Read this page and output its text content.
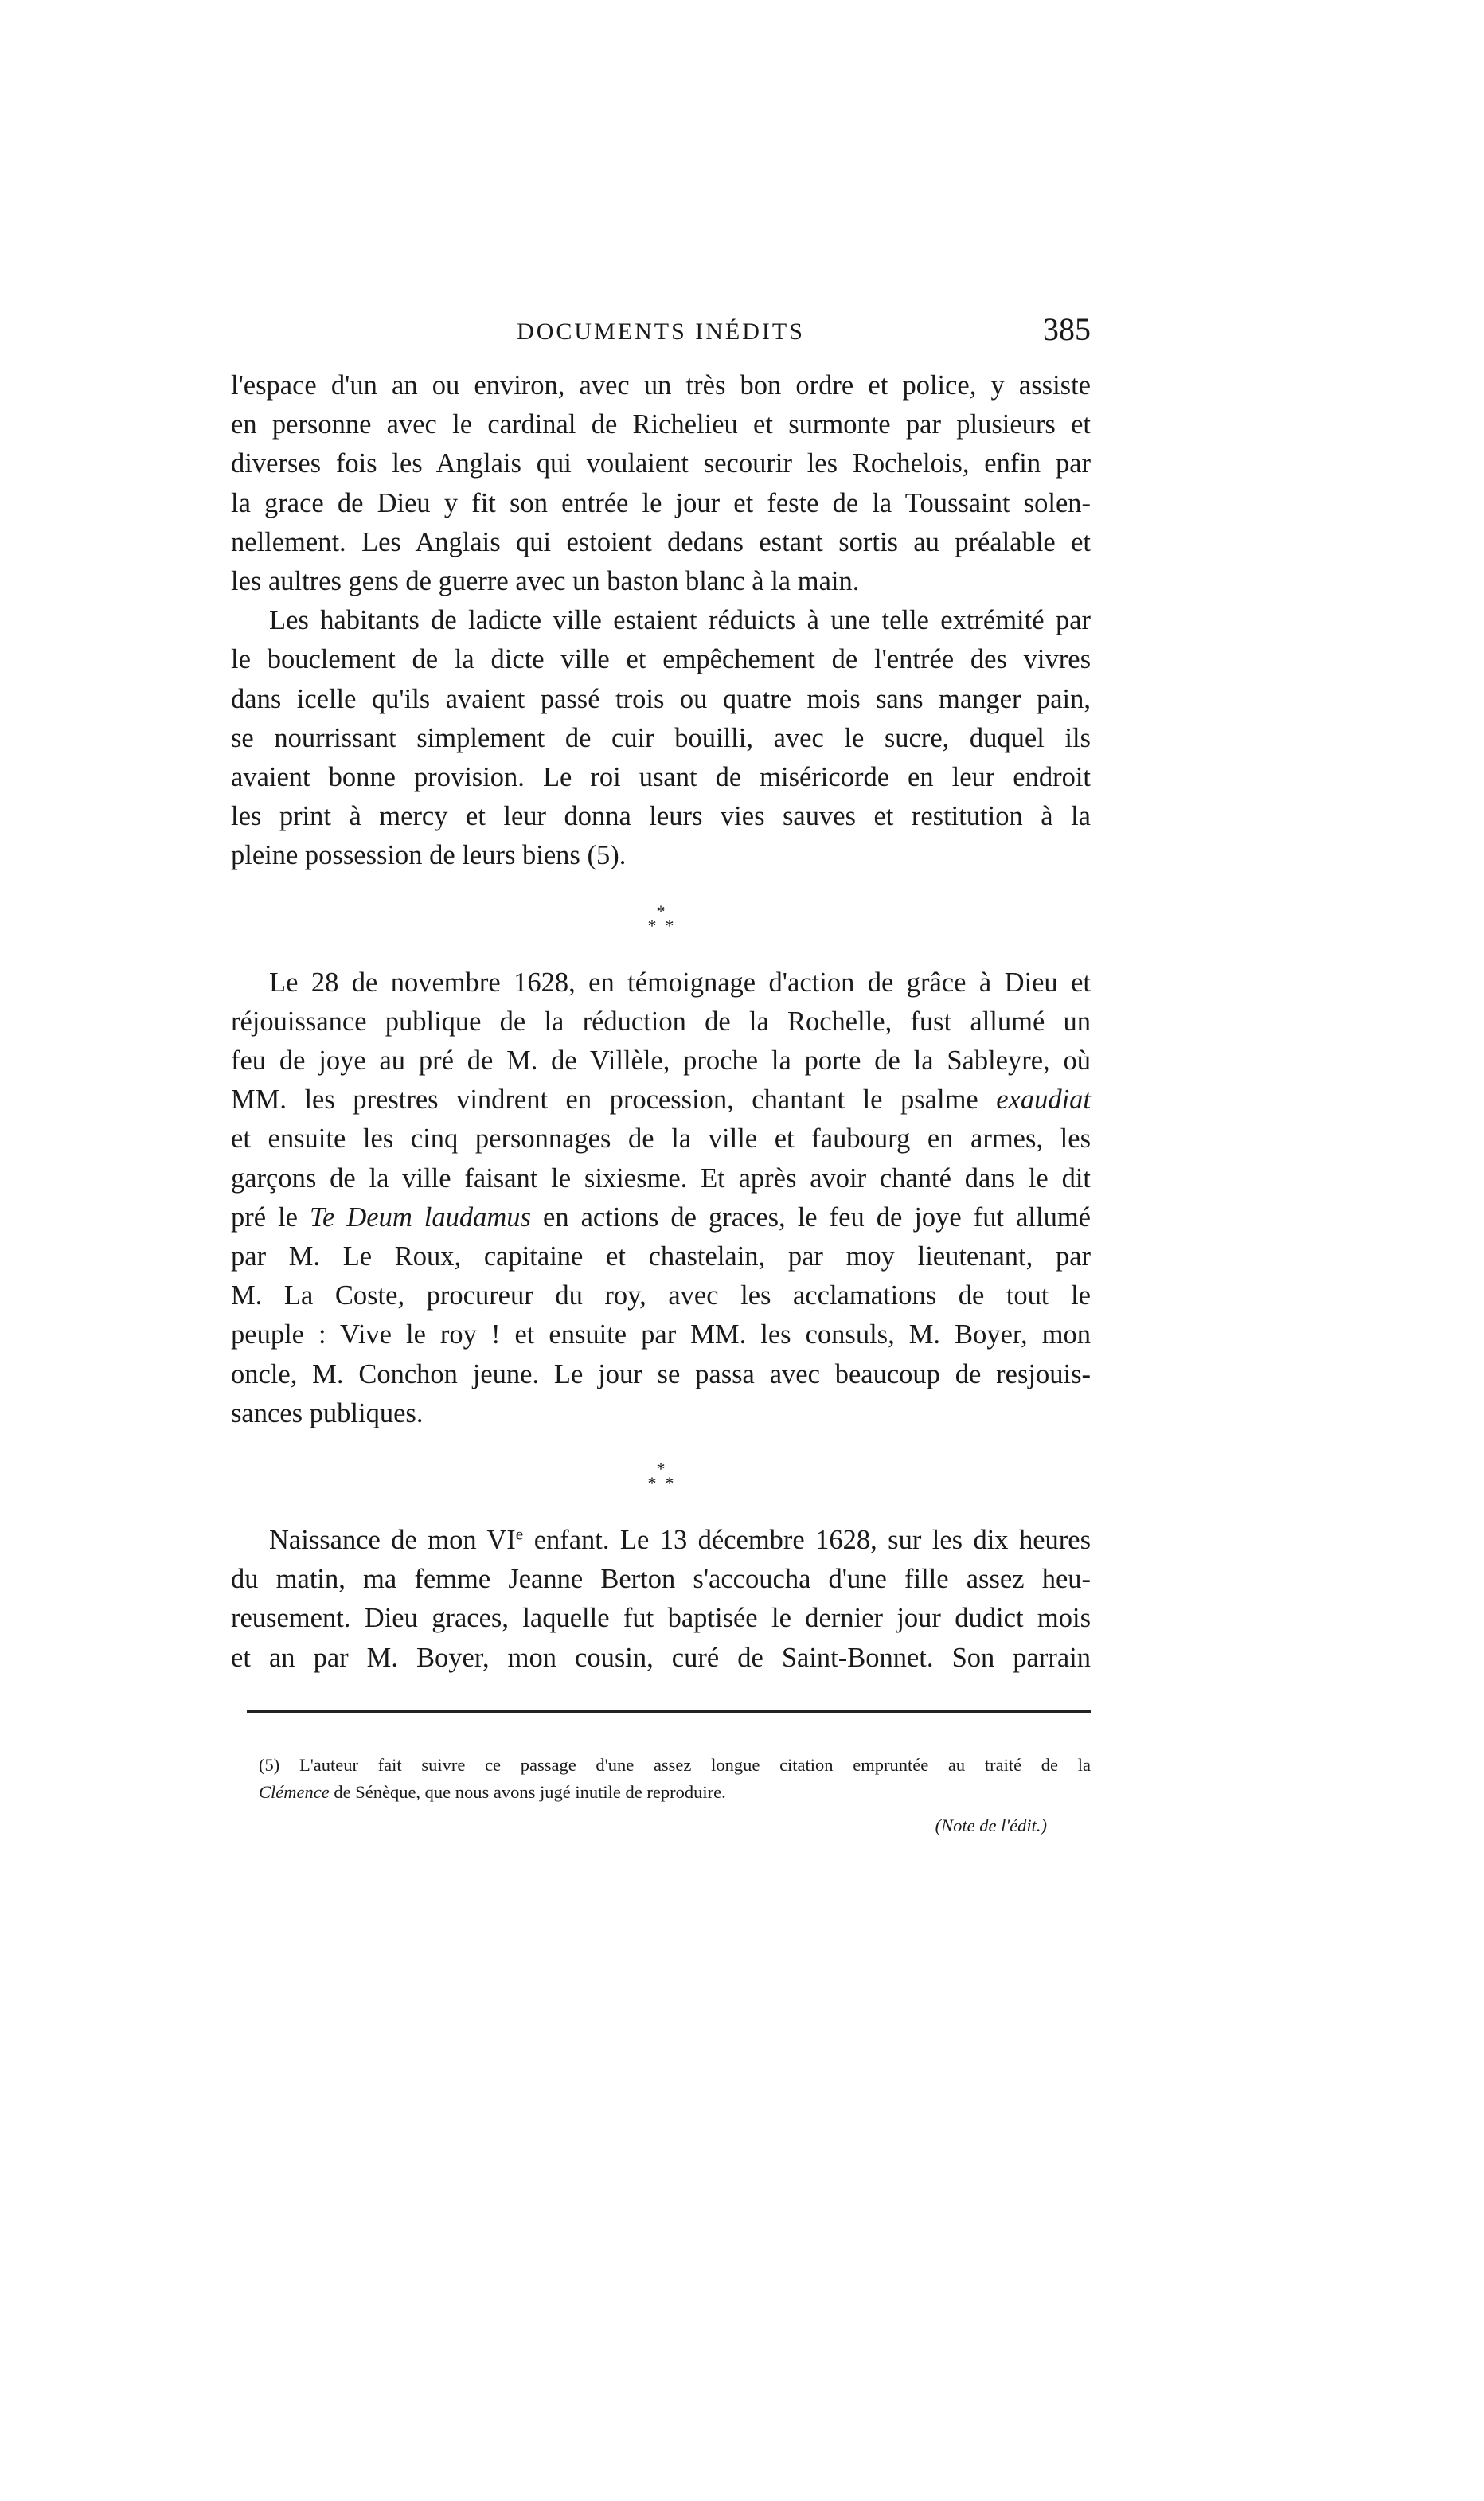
DOCUMENTS INÉDITS	385

l'espace d'un an ou environ, avec un très bon ordre et police, y assiste
en personne avec le cardinal de Richelieu et surmonte par plusieurs et
diverses fois les Anglais qui voulaient secourir les Rochelois, enfin par
la grace de Dieu y fit son entrée le jour et feste de la Toussaint solen-
nellement. Les Anglais qui estoient dedans estant sortis au préalable et
les aultres gens de guerre avec un baston blanc à la main.

Les habitants de ladicte ville estaient réduicts à une telle extrémité par
le bouclement de la dicte ville et empêchement de l'entrée des vivres
dans icelle qu'ils avaient passé trois ou quatre mois sans manger pain,
se nourrissant simplement de cuir bouilli, avec le sucre, duquel ils
avaient bonne provision. Le roi usant de miséricorde en leur endroit
les print à mercy et leur donna leurs vies sauves et restitution à la
pleine possession de leurs biens (5).

*
* *

Le 28 de novembre 1628, en témoignage d'action de grâce à Dieu et
réjouissance publique de la réduction de la Rochelle, fust allumé un
feu de joye au pré de M. de Villèle, proche la porte de la Sableyre, où
MM. les prestres vindrent en procession, chantant le psalme exaudiat
et ensuite les cinq personnages de la ville et faubourg en armes, les
garçons de la ville faisant le sixiesme. Et après avoir chanté dans le dit
pré le Te Deum laudamus en actions de graces, le feu de joye fut allumé
par M. Le Roux, capitaine et chastelain, par moy lieutenant, par
M. La Coste, procureur du roy, avec les acclamations de tout le
peuple : Vive le roy ! et ensuite par MM. les consuls, M. Boyer, mon
oncle, M. Conchon jeune. Le jour se passa avec beaucoup de resjouis-
sances publiques.

*
* *

Naissance de mon VIe enfant. Le 13 décembre 1628, sur les dix heures
du matin, ma femme Jeanne Berton s'accoucha d'une fille assez heu-
reusement. Dieu graces, laquelle fut baptisée le dernier jour dudict mois
et an par M. Boyer, mon cousin, curé de Saint-Bonnet. Son parrain

(5) L'auteur fait suivre ce passage d'une assez longue citation empruntée au traité de la
Clémence de Sénèque, que nous avons jugé inutile de reproduire.
(Note de l'édit.)
